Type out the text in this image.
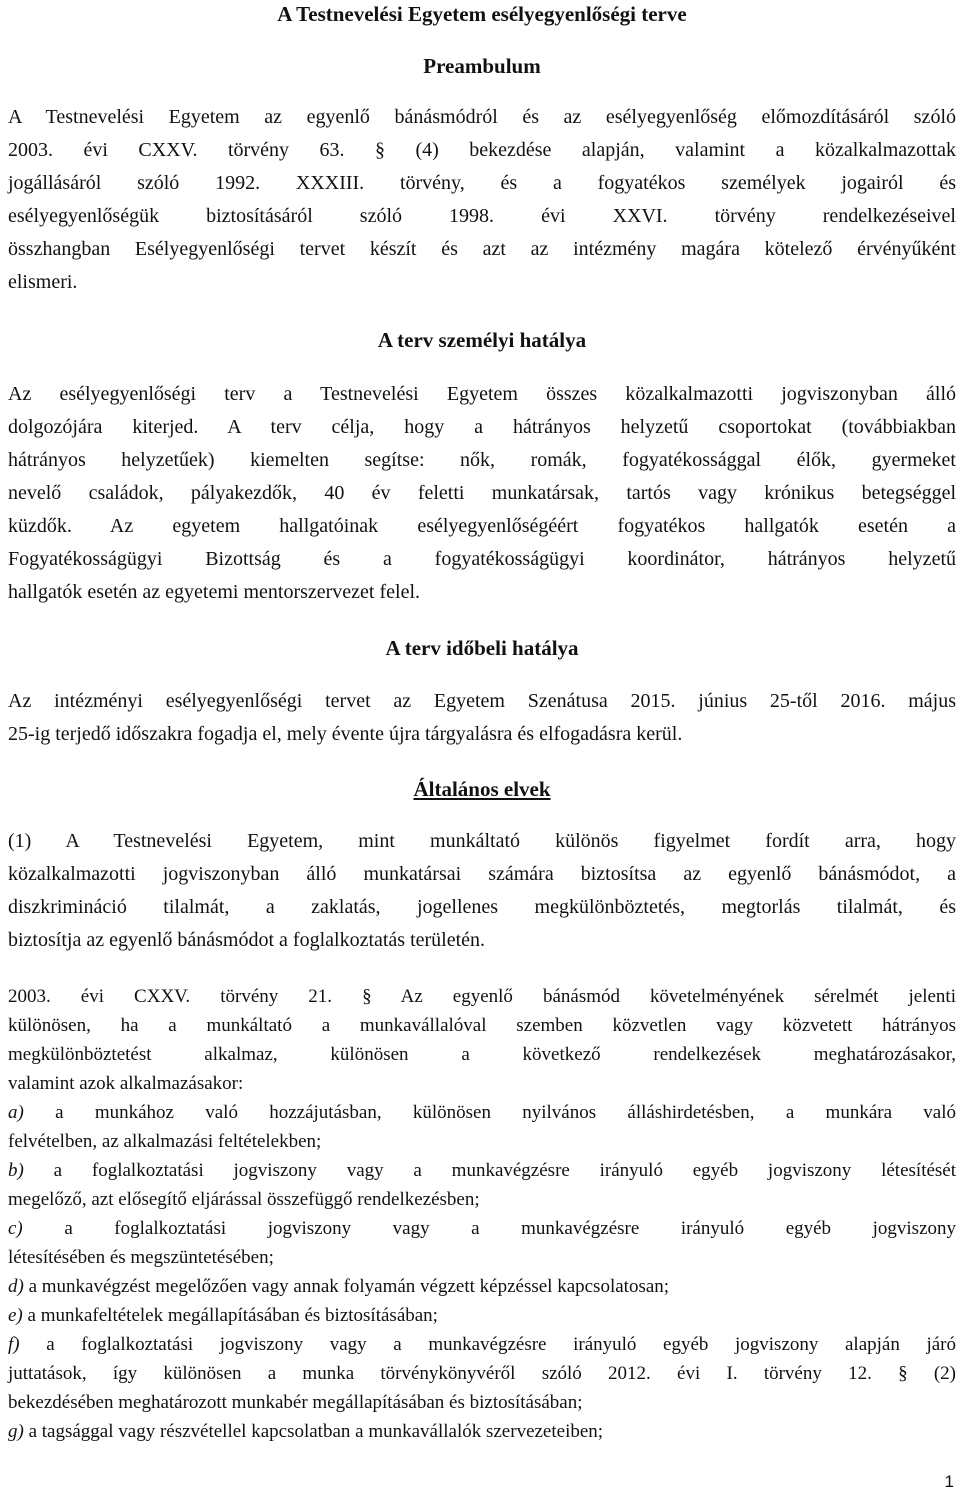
A Testnevelési Egyetem esélyegyenlőségi terve
Preambulum
A Testnevelési Egyetem az egyenlő bánásmódról és az esélyegyenlőség előmozdításáról szóló
2003. évi CXXV. törvény 63. § (4) bekezdése alapján, valamint a közalkalmazottak
jogállásáról szóló 1992. XXXIII. törvény, és a fogyatékos személyek jogairól és
esélyegyenlőségük biztosításáról szóló 1998. évi XXVI. törvény rendelkezéseivel
összhangban Esélyegyenlőségi tervet készít és azt az intézmény magára kötelező érvényűként
elismeri.
A terv személyi hatálya
Az esélyegyenlőségi terv a Testnevelési Egyetem összes közalkalmazotti jogviszonyban álló
dolgozójára kiterjed. A terv célja, hogy a hátrányos helyzetű csoportokat (továbbiakban
hátrányos helyzetűek) kiemelten segítse: nők, romák, fogyatékossággal élők, gyermeket
nevelő családok, pályakezdők, 40 év feletti munkatársak, tartós vagy krónikus betegséggel
küzdők. Az egyetem hallgatóinak esélyegyenlőségéért fogyatékos hallgatók esetén a
Fogyatékosságügyi Bizottság és a fogyatékosságügyi koordinátor, hátrányos helyzetű
hallgatók esetén az egyetemi mentorszervezet felel.
A terv időbeli hatálya
Az intézményi esélyegyenlőségi tervet az Egyetem Szenátusa 2015. június 25-től 2016. május
25-ig terjedő időszakra fogadja el, mely évente újra tárgyalásra és elfogadásra kerül.
Általános elvek
(1) A Testnevelési Egyetem, mint munkáltató különös figyelmet fordít arra, hogy
közalkalmazotti jogviszonyban álló munkatársai számára biztosítsa az egyenlő bánásmódot, a
diszkrimináció tilalmát, a zaklatás, jogellenes megkülönböztetés, megtorlás tilalmát, és
biztosítja az egyenlő bánásmódot a foglalkoztatás területén.
2003. évi CXXV. törvény 21. § Az egyenlő bánásmód követelményének sérelmét jelenti
különösen, ha a munkáltató a munkavállalóval szemben közvetlen vagy közvetett hátrányos
megkülönböztetést alkalmaz, különösen a következő rendelkezések meghatározásakor,
valamint azok alkalmazásakor:
a) a munkához való hozzájutásban, különösen nyilvános álláshirdetésben, a munkára való
felvételben, az alkalmazási feltételekben;
b) a foglalkoztatási jogviszony vagy a munkavégzésre irányuló egyéb jogviszony létesítését
megelőző, azt elősegítő eljárással összefüggő rendelkezésben;
c) a foglalkoztatási jogviszony vagy a munkavégzésre irányuló egyéb jogviszony
létesítésében és megszüntetésében;
d) a munkavégzést megelőzően vagy annak folyamán végzett képzéssel kapcsolatosan;
e) a munkafeltételek megállapításában és biztosításában;
f) a foglalkoztatási jogviszony vagy a munkavégzésre irányuló egyéb jogviszony alapján járó
juttatások, így különösen a munka törvénykönyvéről szóló 2012. évi I. törvény 12. § (2)
bekezdésében meghatározott munkabér megállapításában és biztosításában;
g) a tagsággal vagy részvétellel kapcsolatban a munkavállalók szervezeteiben;
1
